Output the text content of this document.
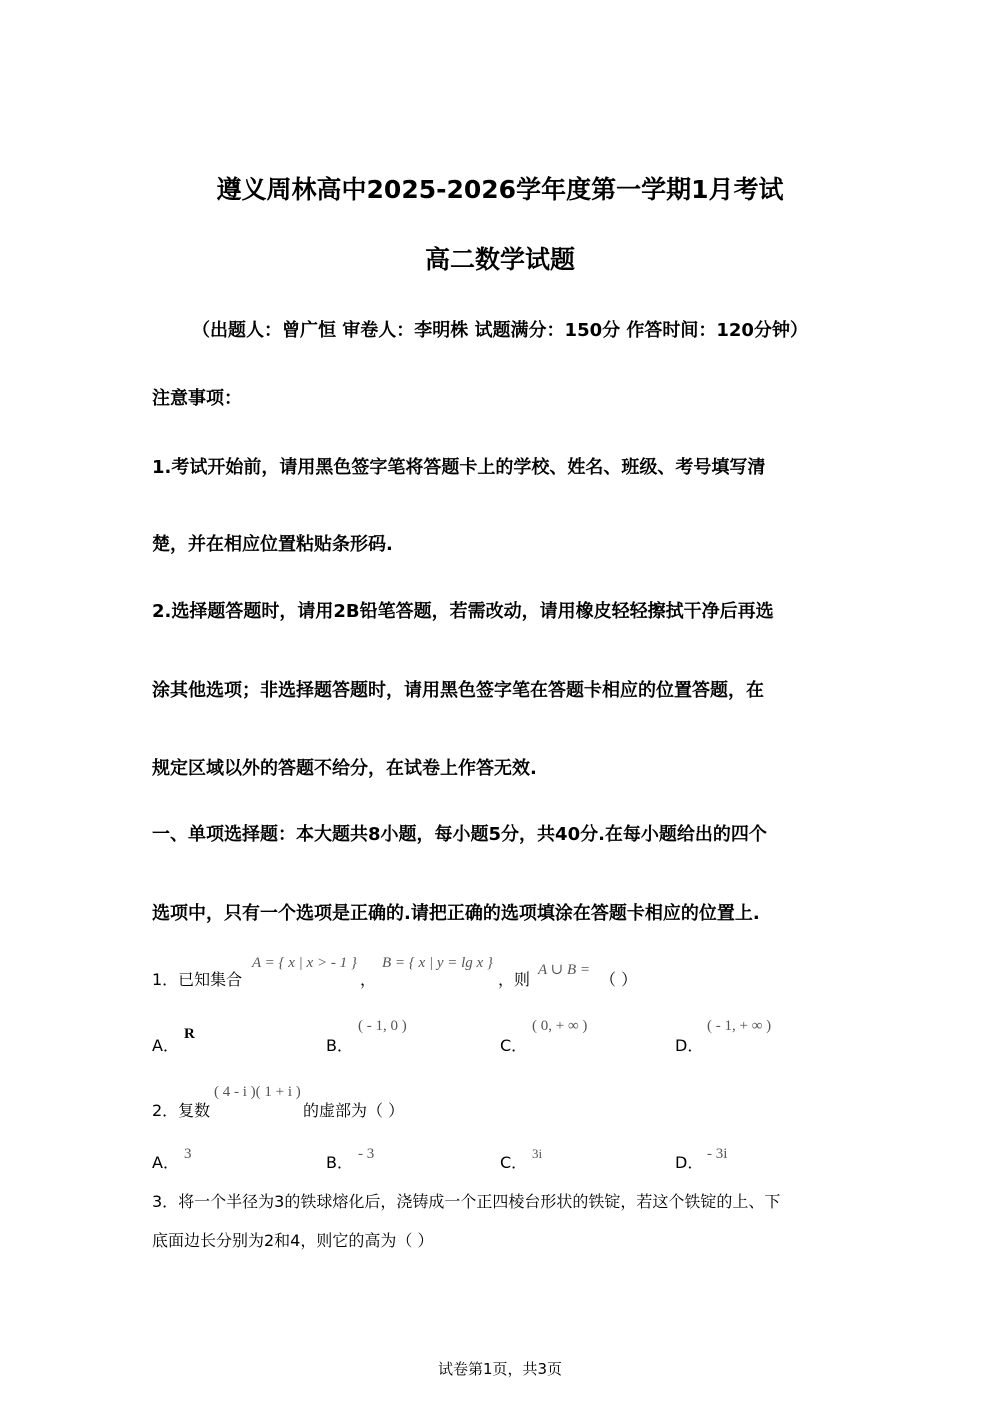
遵义周林高中2025-2026学年度第一学期1月考试
高二数学试题
（出题人：曾广恒 审卷人：李明株 试题满分：150分 作答时间：120分钟）
注意事项：
1.考试开始前，请用黑色签字笔将答题卡上的学校、姓名、班级、考号填写清
楚，并在相应位置粘贴条形码.
2.选择题答题时，请用2B铅笔答题，若需改动，请用橡皮轻轻擦拭干净后再选
涂其他选项；非选择题答题时，请用黑色签字笔在答题卡相应的位置答题，在
规定区域以外的答题不给分，在试卷上作答无效.
一、单项选择题：本大题共8小题，每小题5分，共40分.在每小题给出的四个
选项中，只有一个选项是正确的.请把正确的选项填涂在答题卡相应的位置上.
1．已知集合
A = { x | x > - 1 }
，
B = { x | y = lg x }
，则 A ∪ B = （ ）
A．
R
B．
( - 1, 0 )
C．
( 0, + ∞ )
D．
( - 1, + ∞ )
2．复数
( 4 - i )( 1 + i )
的虚部为（ ）
A． 3	B． - 3	C． 3i	D． - 3i
3．将一个半径为3的铁球熔化后，浇铸成一个正四棱台形状的铁锭，若这个铁锭的上、下
底面边长分别为2和4，则它的高为（ ）
试卷第1页，共3页
